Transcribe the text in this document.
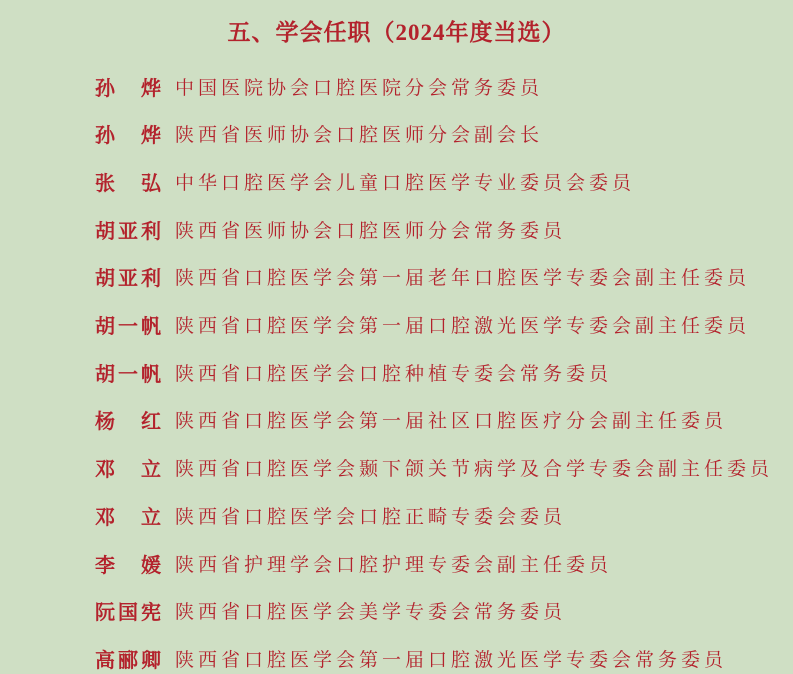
五、学会任职（2024年度当选）
孙 烨 中国医院协会口腔医院分会常务委员
孙 烨 陕西省医师协会口腔医师分会副会长
张 弘 中华口腔医学会儿童口腔医学专业委员会委员
胡 亚 利 陕西省医师协会口腔医师分会常务委员
胡 亚 利 陕西省口腔医学会第一届老年口腔医学专委会副主任委员
胡 一 帆 陕西省口腔医学会第一届口腔激光医学专委会副主任委员
胡 一 帆 陕西省口腔医学会口腔种植专委会常务委员
杨 红 陕西省口腔医学会第一届社区口腔医疗分会副主任委员
邓 立 陕西省口腔医学会颞下颌关节病学及合学专委会副主任委员
邓 立 陕西省口腔医学会口腔正畸专委会委员
李 媛 陕西省护理学会口腔护理专委会副主任委员
阮 国 宪 陕西省口腔医学会美学专委会常务委员
高 郦 卿 陕西省口腔医学会第一届口腔激光医学专委会常务委员
